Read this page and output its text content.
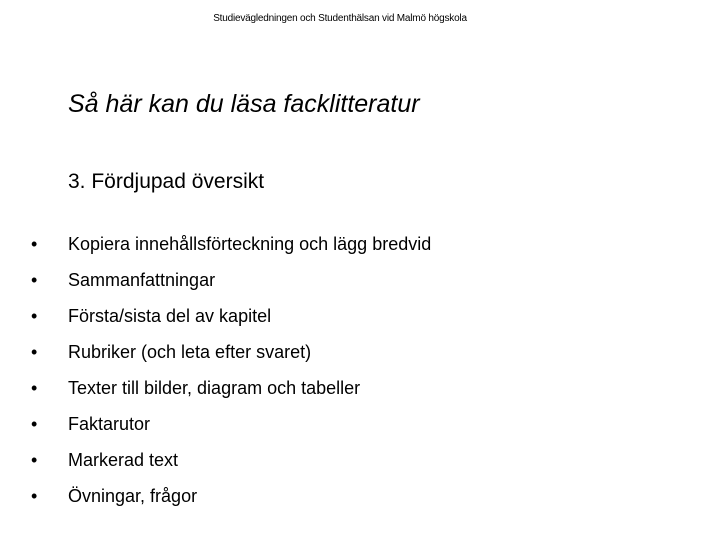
Studievägledningen och Studenthälsan vid Malmö högskola
Så här kan du läsa facklitteratur
3. Fördjupad översikt
• Kopiera innehållsförteckning och lägg bredvid
• Sammanfattningar
• Första/sista del av kapitel
• Rubriker (och leta efter svaret)
• Texter till bilder, diagram och tabeller
• Faktarutor
• Markerad text
• Övningar, frågor
